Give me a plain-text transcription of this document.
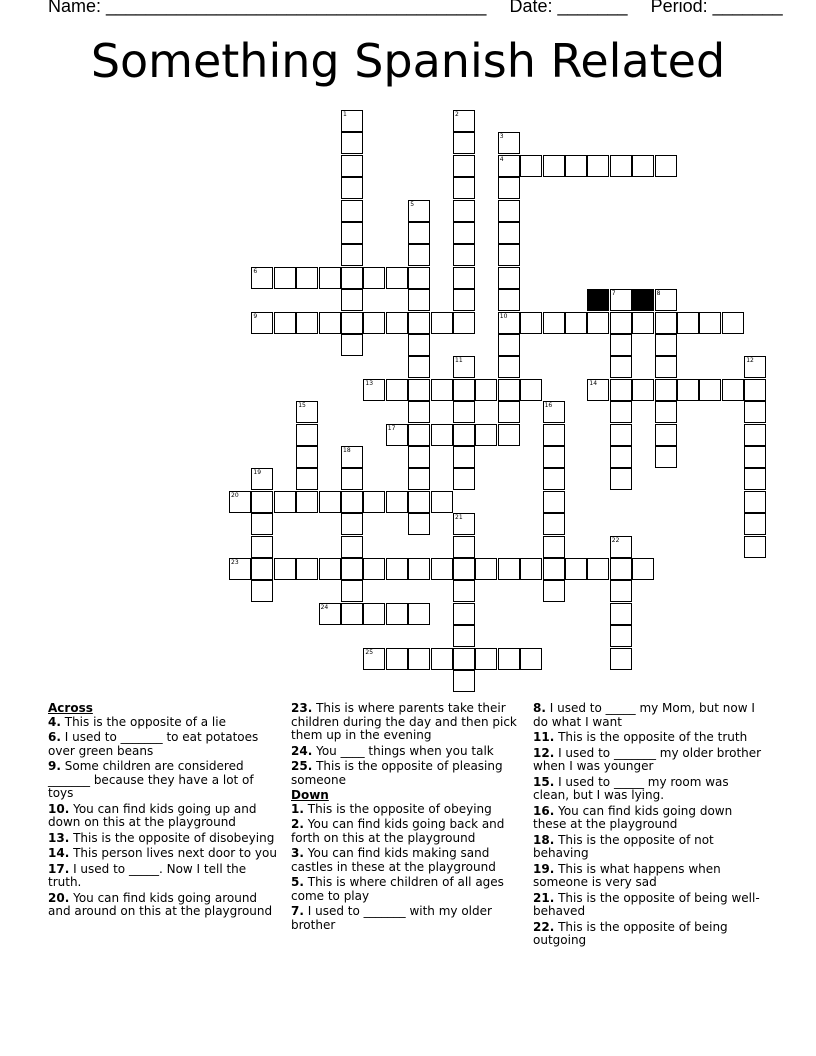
Name: ______________________________________ Date: _______ Period: _______
Something Spanish Related
1	2
3
4
5
6
7	8
9	10
11	12
13	14
15	16
17
18
19
20
21
22
23
24
25
Across
4. This is the opposite of a lie
6. I used to _______ to eat potatoes over green beans
9. Some children are considered _______ because they have a lot of toys
10. You can find kids going up and down on this at the playground
13. This is the opposite of disobeying
14. This person lives next door to you
17. I used to _____. Now I tell the truth.
20. You can find kids going around and around on this at the playground
23. This is where parents take their children during the day and then pick them up in the evening
24. You ____ things when you talk
25. This is the opposite of pleasing someone
Down
1. This is the opposite of obeying
2. You can find kids going back and forth on this at the playground
3. You can find kids making sand castles in these at the playground
5. This is where children of all ages come to play
7. I used to _______ with my older brother
8. I used to _____ my Mom, but now I do what I want
11. This is the opposite of the truth
12. I used to _______ my older brother when I was younger
15. I used to _____ my room was clean, but I was lying.
16. You can find kids going down these at the playground
18. This is the opposite of not behaving
19. This is what happens when someone is very sad
21. This is the opposite of being well-behaved
22. This is the opposite of being outgoing
